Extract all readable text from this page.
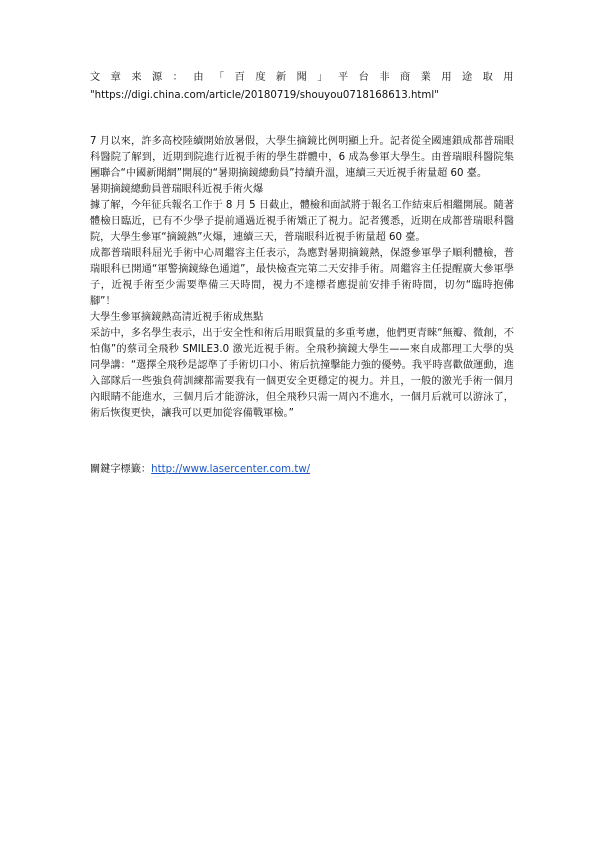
文章来源：由「百度新聞」平台非商業用途取用
"https://digi.china.com/article/20180719/shouyou0718168613.html"

7 月以來，許多高校陸續開始放暑假，大學生摘鏡比例明顯上升。記者從全國連鎖成都普瑞眼科醫院了解到，近期到院進行近視手術的學生群體中，6 成為參軍大學生。由普瑞眼科醫院集團聯合“中國新聞網”開展的“暑期摘鏡總動員”持續升溫，連續三天近視手術量超 60 臺。

暑期摘鏡總動員普瑞眼科近視手術火爆

據了解，今年征兵報名工作于 8 月 5 日截止，體檢和面試將于報名工作結束后相繼開展。隨著體檢日臨近，已有不少學子提前通過近視手術矯正了視力。記者獲悉，近期在成都普瑞眼科醫院，大學生參軍“摘鏡熱”火爆，連續三天，普瑞眼科近視手術量超 60 臺。

成都普瑞眼科屈光手術中心周繼容主任表示，為應對暑期摘鏡熱，保證參軍學子順利體檢，普瑞眼科已開通“軍警摘鏡綠色通道”，最快檢查完第二天安排手術。周繼容主任提醒廣大參軍學子，近視手術至少需要準備三天時間，視力不達標者應提前安排手術時間，切勿“臨時抱佛腳”！

大學生參軍摘鏡熱高清近視手術成焦點

采訪中，多名學生表示，出于安全性和術后用眼質量的多重考慮，他們更青睞“無瓣、微創，不怕傷”的蔡司全飛秒 SMILE3.0 激光近視手術。全飛秒摘鏡大學生——來自成都理工大學的吳同學講：“選擇全飛秒是認準了手術切口小、術后抗撞擊能力強的優勢。我平時喜歡做運動，進入部隊后一些強負荷訓練都需要我有一個更安全更穩定的視力。并且，一般的激光手術一個月內眼睛不能進水，三個月后才能游泳，但全飛秒只需一周內不進水，一個月后就可以游泳了，術后恢復更快，讓我可以更加從容備戰軍檢。”

關鍵字標籤：http://www.lasercenter.com.tw/
